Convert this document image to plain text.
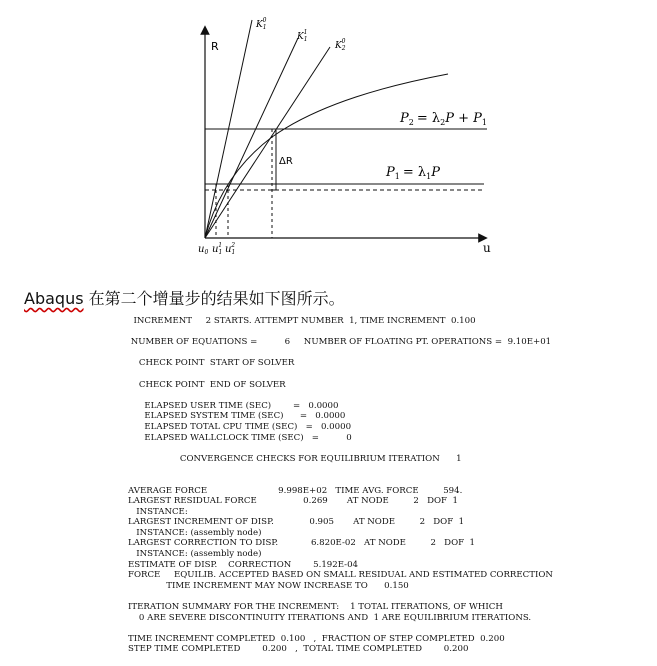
R
u
ΔR
$K_10$
$K_11$
$K_20$
$P_2 = \lambda_2P + P_1$
$P_1 = \lambda_1P$
$u_0$ $u_11$ $u_12$
Abaqus 在第二个增量步的结果如下图所示。
INCREMENT     2 STARTS. ATTEMPT NUMBER  1, TIME INCREMENT  0.100
NUMBER OF EQUATIONS =          6     NUMBER OF FLOATING PT. OPERATIONS =  9.10E+01
CHECK POINT  START OF SOLVER
CHECK POINT  END OF SOLVER
ELAPSED USER TIME (SEC)        =   0.0000
ELAPSED SYSTEM TIME (SEC)      =   0.0000
ELAPSED TOTAL CPU TIME (SEC)   =   0.0000
ELAPSED WALLCLOCK TIME (SEC)   =          0
CONVERGENCE CHECKS FOR EQUILIBRIUM ITERATION      1
AVERAGE FORCE                          9.998E+02   TIME AVG. FORCE         594.
LARGEST RESIDUAL FORCE                 0.269       AT NODE         2   DOF  1
INSTANCE:
LARGEST INCREMENT OF DISP.             0.905       AT NODE         2   DOF  1
INSTANCE: (assembly node)
LARGEST CORRECTION TO DISP.            6.820E-02   AT NODE         2   DOF  1
INSTANCE: (assembly node)
ESTIMATE OF DISP.    CORRECTION        5.192E-04
FORCE     EQUILIB. ACCEPTED BASED ON SMALL RESIDUAL AND ESTIMATED CORRECTION
TIME INCREMENT MAY NOW INCREASE TO      0.150
ITERATION SUMMARY FOR THE INCREMENT:    1 TOTAL ITERATIONS, OF WHICH
0 ARE SEVERE DISCONTINUITY ITERATIONS AND  1 ARE EQUILIBRIUM ITERATIONS.
TIME INCREMENT COMPLETED  0.100   ,  FRACTION OF STEP COMPLETED  0.200
STEP TIME COMPLETED        0.200   ,  TOTAL TIME COMPLETED        0.200
